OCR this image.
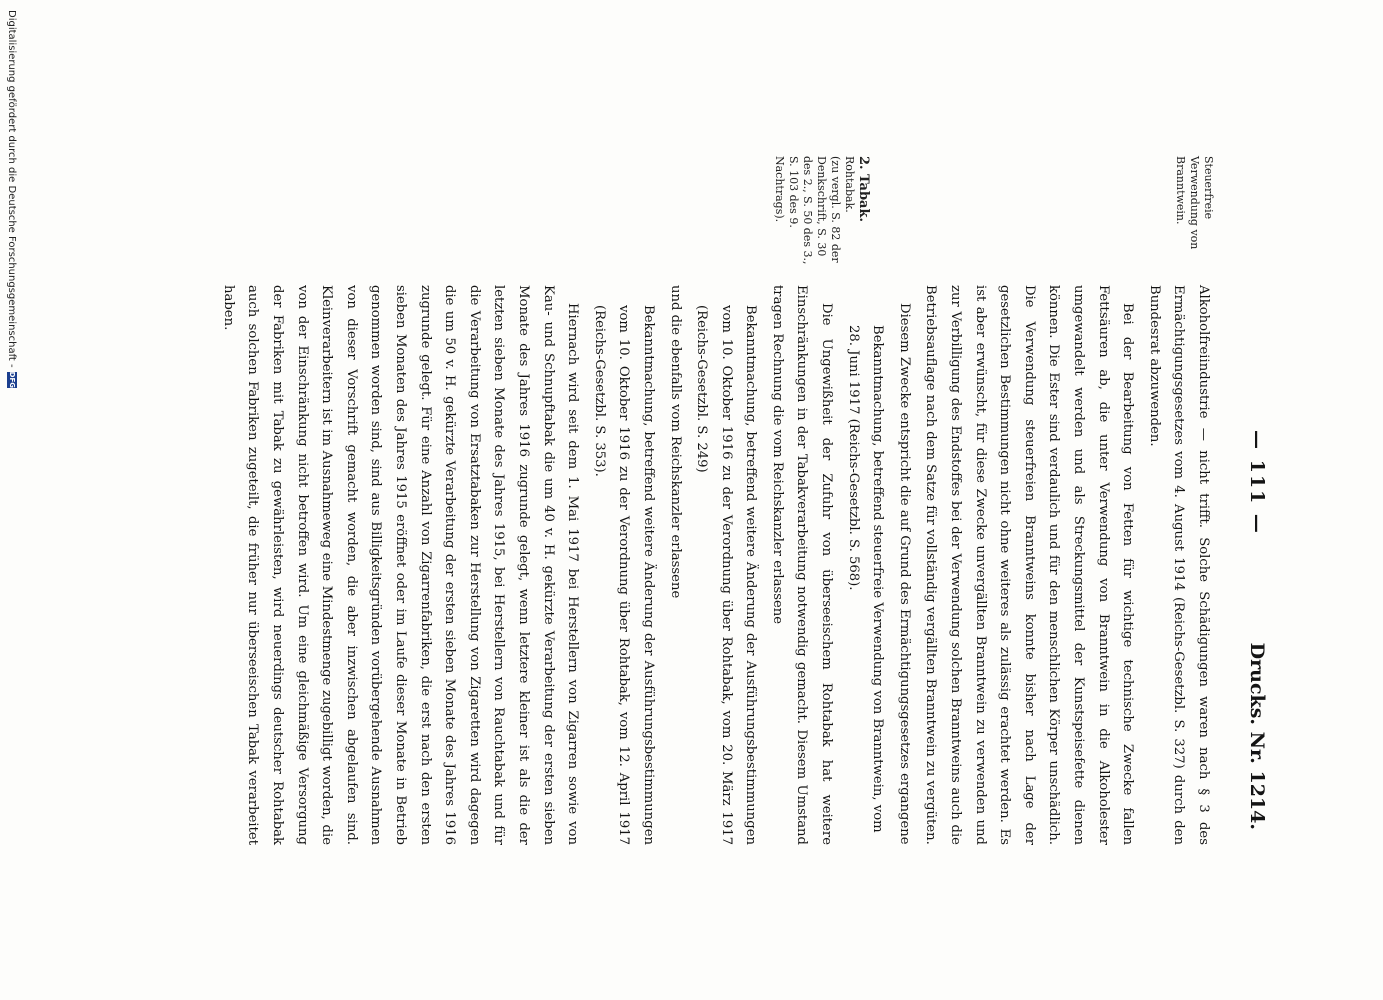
Digitalisierung gefördert durch die Deutsche Forschungsgemeinschaft -
DFG
— 111 —
Drucks. Nr. 1214.
Steuerfreie Verwendung von Branntwein.
2. Tabak.
Rohtabak.
(zu vergl. S. 82 der Denkschrift, S. 30 des 2., S. 50 des 3., S. 103 des 9. Nachtrags).

Alkoholfreiindustrie — nicht trifft. Solche Schädigungen waren nach § 3 des Ermächtigungsgesetzes vom 4. August 1914 (Reichs-Gesetzbl. S. 327) durch den Bundesrat abzuwenden.

Bei der Bearbeitung von Fetten für wichtige technische Zwecke fallen Fettsäuren ab, die unter Verwendung von Branntwein in die Alkoholester umgewandelt werden und als Streckungsmittel der Kunstspeisefette dienen können. Die Ester sind verdaulich und für den menschlichen Körper unschädlich. Die Verwendung steuerfreien Branntweins konnte bisher nach Lage der gesetzlichen Bestimmungen nicht ohne weiteres als zulässig erachtet werden. Es ist aber erwünscht, für diese Zwecke unvergällten Branntwein zu verwenden und zur Verbilligung des Endstoffes bei der Verwendung solchen Branntweins auch die Betriebsauflage nach dem Satze für vollständig vergällten Branntwein zu vergüten.

Diesem Zwecke entspricht die auf Grund des Ermächtigungsgesetzes ergangene

Bekanntmachung, betreffend steuerfreie Verwendung von Branntwein, vom 28. Juni 1917 (Reichs-Gesetzbl. S. 568).

Die Ungewißheit der Zufuhr von überseeischem Rohtabak hat weitere Einschränkungen in der Tabakverarbeitung notwendig gemacht. Diesem Umstand tragen Rechnung die vom Reichskanzler erlassene

Bekanntmachung, betreffend weitere Änderung der Ausführungsbestimmungen vom 10. Oktober 1916 zu der Verordnung über Rohtabak, vom 20. März 1917 (Reichs-Gesetzbl. S. 249)

und die ebenfalls vom Reichskanzler erlassene

Bekanntmachung, betreffend weitere Änderung der Ausführungsbestimmungen vom 10. Oktober 1916 zu der Verordnung über Rohtabak, vom 12. April 1917 (Reichs-Gesetzbl. S. 353).

Hiernach wird seit dem 1. Mai 1917 bei Herstellern von Zigarren sowie von Kau- und Schnupftabak die um 40 v. H. gekürzte Verarbeitung der ersten sieben Monate des Jahres 1916 zugrunde gelegt, wenn letztere kleiner ist als die der letzten sieben Monate des Jahres 1915, bei Herstellern von Rauchtabak und für die Verarbeitung von Ersatztabaken zur Herstellung von Zigaretten wird dagegen die um 50 v. H. gekürzte Verarbeitung der ersten sieben Monate des Jahres 1916 zugrunde gelegt. Für eine Anzahl von Zigarrenfabriken, die erst nach den ersten sieben Monaten des Jahres 1915 eröffnet oder im Laufe dieser Monate in Betrieb genommen worden sind, sind aus Billigkeitsgründen vorübergehende Ausnahmen von dieser Vorschrift gemacht worden, die aber inzwischen abgelaufen sind. Kleinverarbeitern ist im Ausnahmeweg eine Mindestmenge zugebilligt worden, die von der Einschränkung nicht betroffen wird. Um eine gleichmäßige Versorgung der Fabriken mit Tabak zu gewährleisten, wird neuerdings deutscher Rohtabak auch solchen Fabriken zugeteilt, die früher nur überseeischen Tabak verarbeitet haben.
